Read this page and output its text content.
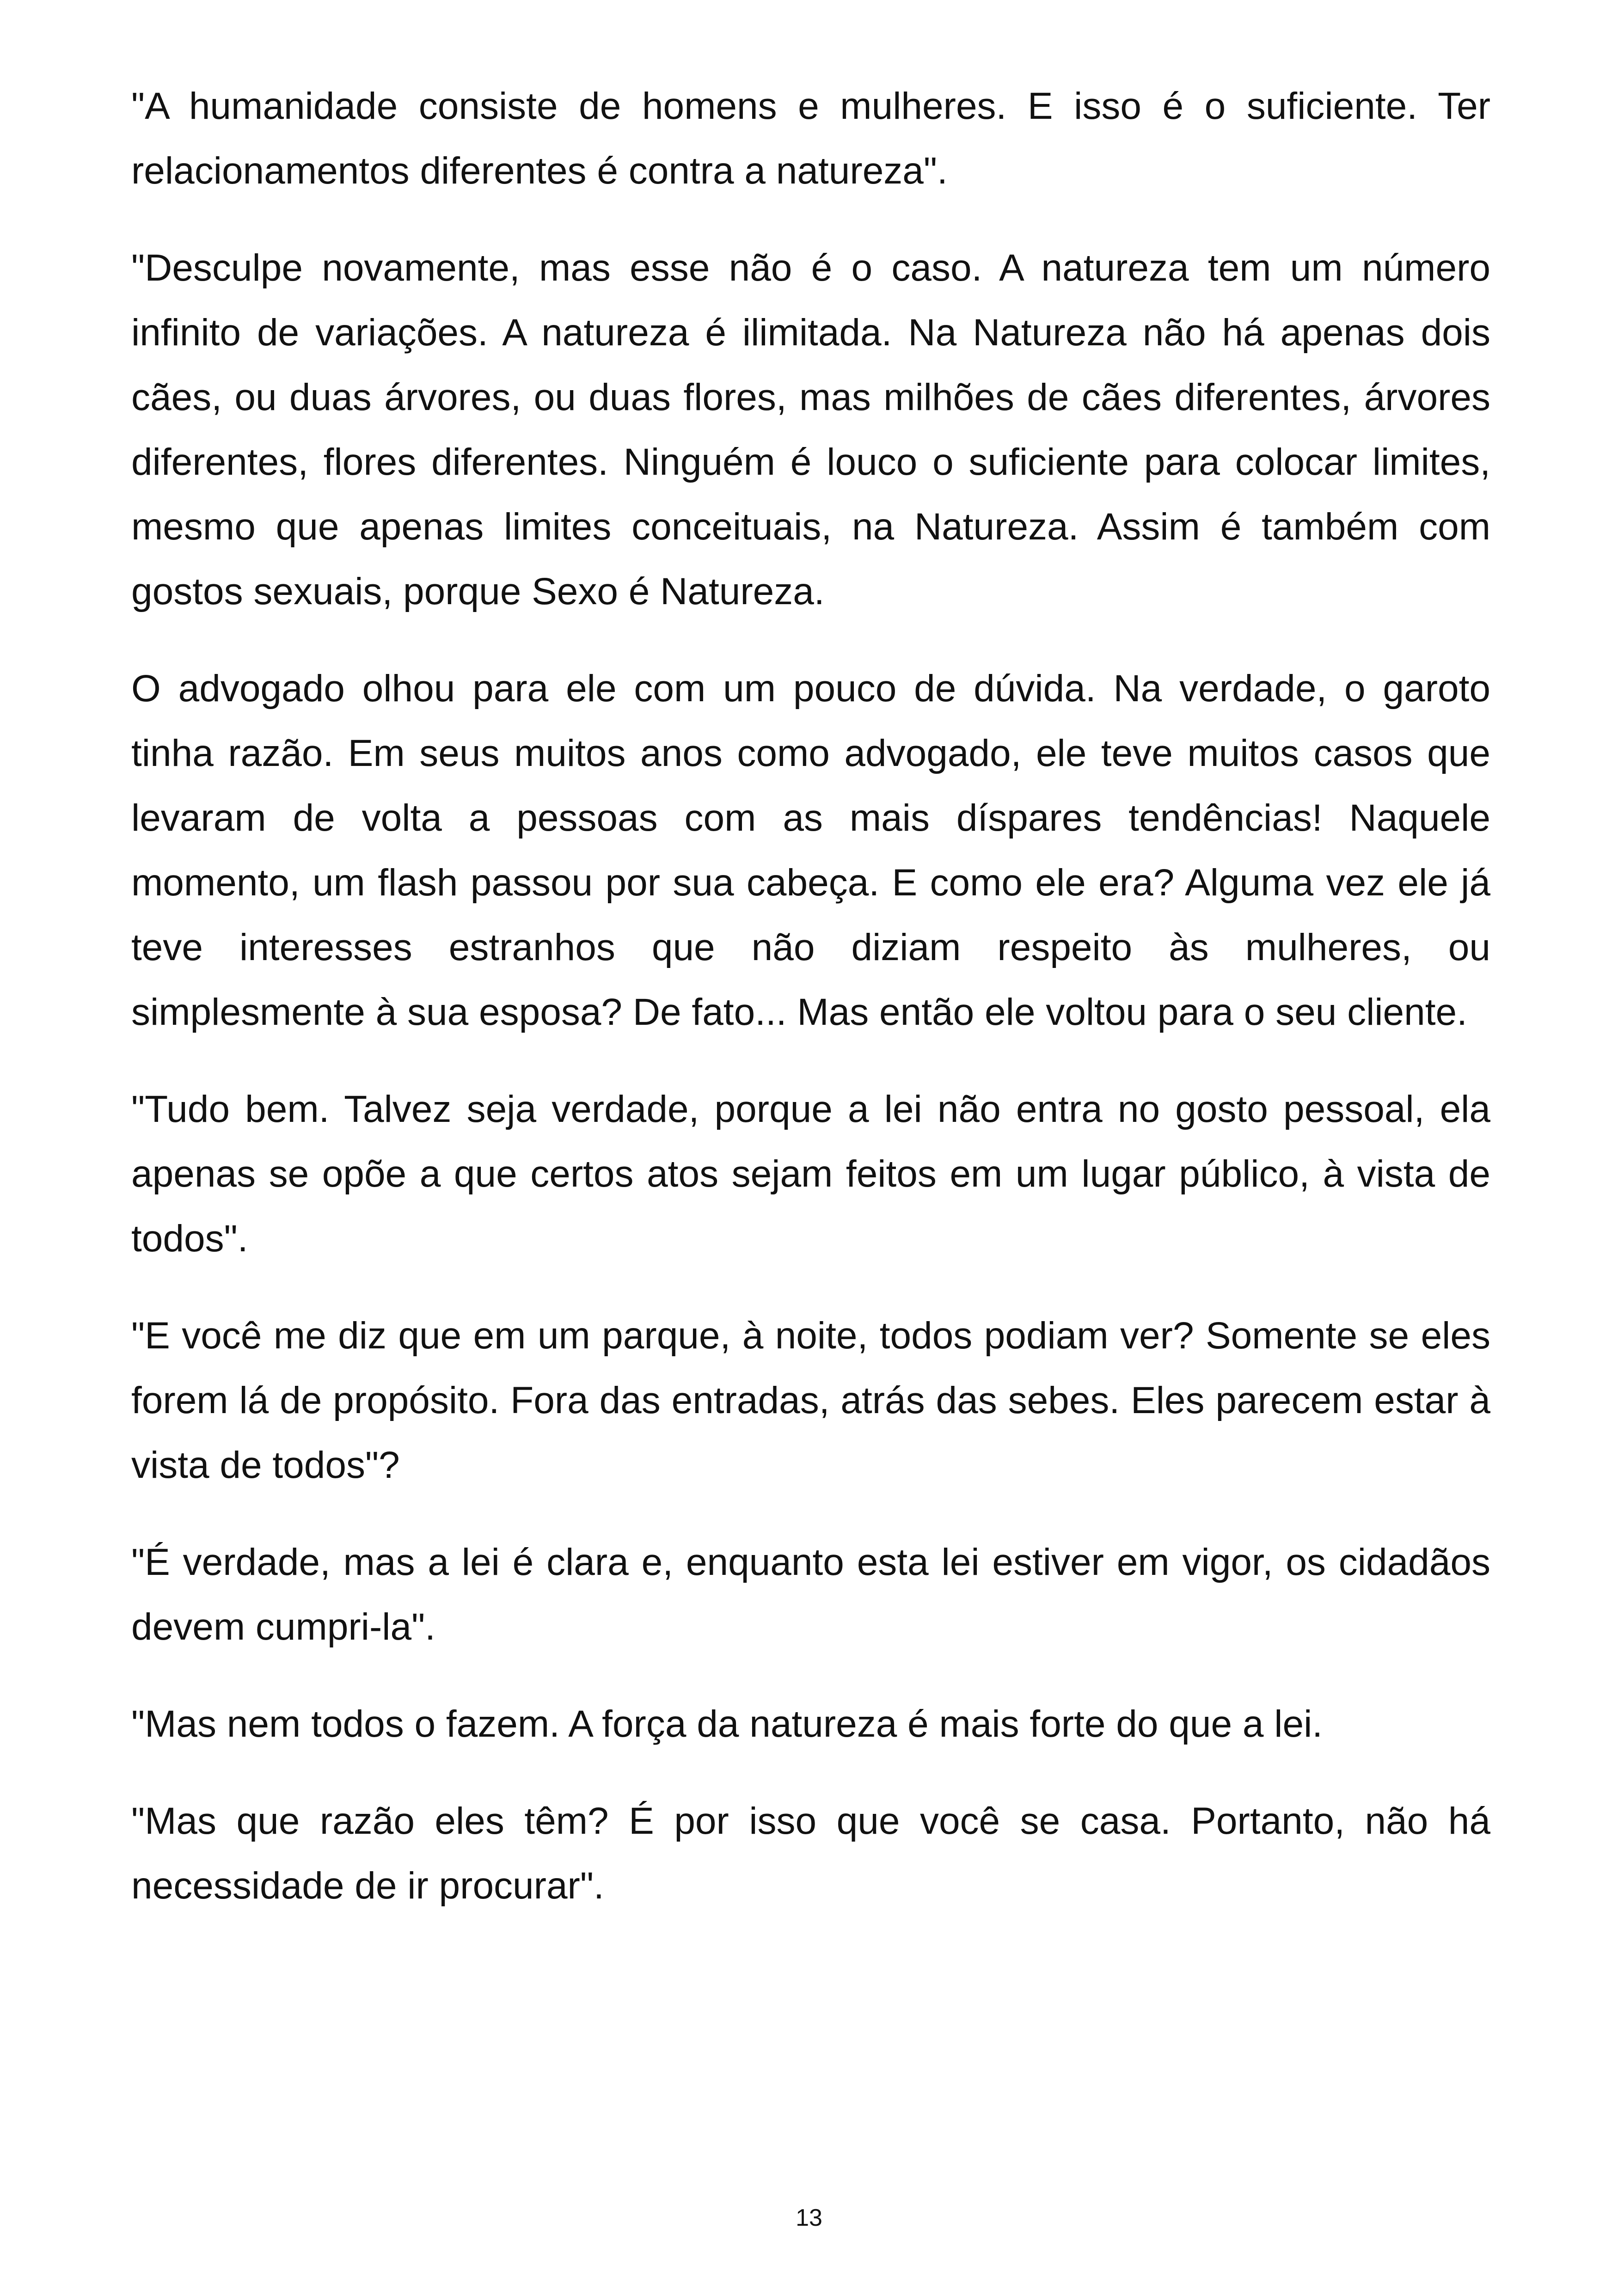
"A humanidade consiste de homens e mulheres. E isso é o suficiente. Ter relacionamentos diferentes é contra a natureza".

"Desculpe novamente, mas esse não é o caso. A natureza tem um número infinito de variações. A natureza é ilimitada. Na Natureza não há apenas dois cães, ou duas árvores, ou duas flores, mas milhões de cães diferentes, árvores diferentes, flores diferentes. Ninguém é louco o suficiente para colocar limites, mesmo que apenas limites conceituais, na Natureza. Assim é também com gostos sexuais, porque Sexo é Natureza.

O advogado olhou para ele com um pouco de dúvida. Na verdade, o garoto tinha razão. Em seus muitos anos como advogado, ele teve muitos casos que levaram de volta a pessoas com as mais díspares tendências! Naquele momento, um flash passou por sua cabeça. E como ele era? Alguma vez ele já teve interesses estranhos que não diziam respeito às mulheres, ou simplesmente à sua esposa? De fato... Mas então ele voltou para o seu cliente.

"Tudo bem. Talvez seja verdade, porque a lei não entra no gosto pessoal, ela apenas se opõe a que certos atos sejam feitos em um lugar público, à vista de todos".

"E você me diz que em um parque, à noite, todos podiam ver? Somente se eles forem lá de propósito. Fora das entradas, atrás das sebes. Eles parecem estar à vista de todos"?

"É verdade, mas a lei é clara e, enquanto esta lei estiver em vigor, os cidadãos devem cumpri-la".

"Mas nem todos o fazem. A força da natureza é mais forte do que a lei.

"Mas que razão eles têm? É por isso que você se casa. Portanto, não há necessidade de ir procurar".

13
